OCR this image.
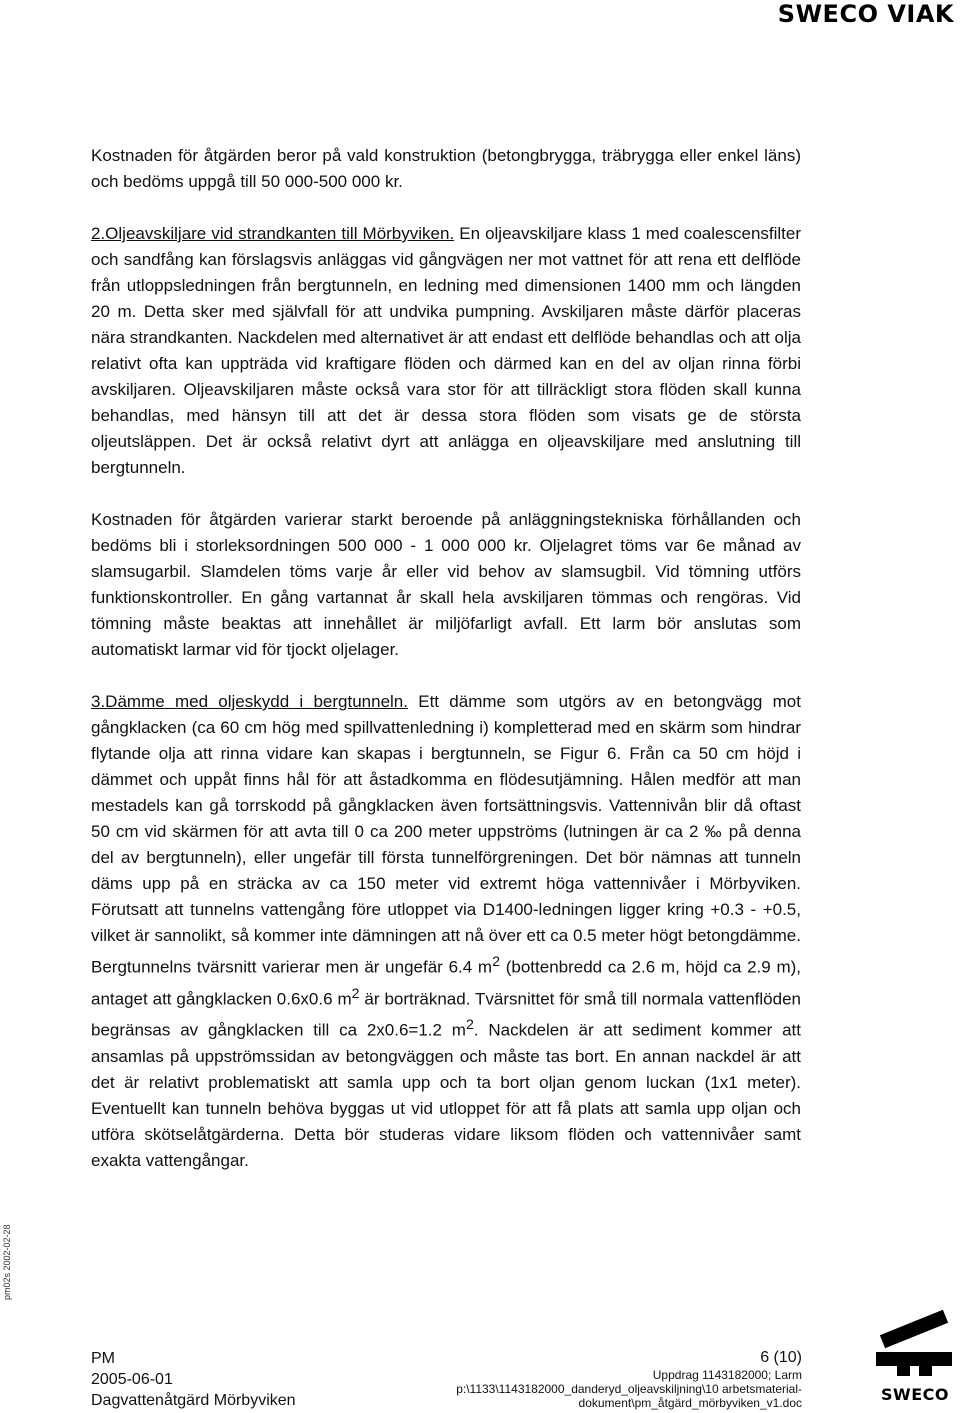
SWECO VIAK

Kostnaden för åtgärden beror på vald konstruktion (betongbrygga, träbrygga eller enkel läns) och bedöms uppgå till 50 000-500 000 kr.

2.Oljeavskiljare vid strandkanten till Mörbyviken. En oljeavskiljare klass 1 med coalescensfilter och sandfång kan förslagsvis anläggas vid gångvägen ner mot vattnet för att rena ett delflöde från utloppsledningen från bergtunneln, en ledning med dimensionen 1400 mm och längden 20 m. Detta sker med självfall för att undvika pumpning. Avskiljaren måste därför placeras nära strandkanten. Nackdelen med alternativet är att endast ett delflöde behandlas och att olja relativt ofta kan uppträda vid kraftigare flöden och därmed kan en del av oljan rinna förbi avskiljaren. Oljeavskiljaren måste också vara stor för att tillräckligt stora flöden skall kunna behandlas, med hänsyn till att det är dessa stora flöden som visats ge de största oljeutsläppen. Det är också relativt dyrt att anlägga en oljeavskiljare med anslutning till bergtunneln.

Kostnaden för åtgärden varierar starkt beroende på anläggningstekniska förhållanden och bedöms bli i storleksordningen 500 000 - 1 000 000 kr. Oljelagret töms var 6e månad av slamsugarbil. Slamdelen töms varje år eller vid behov av slamsugbil. Vid tömning utförs funktionskontroller. En gång vartannat år skall hela avskiljaren tömmas och rengöras. Vid tömning måste beaktas att innehållet är miljöfarligt avfall. Ett larm bör anslutas som automatiskt larmar vid för tjockt oljelager.

3.Dämme med oljeskydd i bergtunneln. Ett dämme som utgörs av en betongvägg mot gångklacken (ca 60 cm hög med spillvattenledning i) kompletterad med en skärm som hindrar flytande olja att rinna vidare kan skapas i bergtunneln, se Figur 6. Från ca 50 cm höjd i dämmet och uppåt finns hål för att åstadkomma en flödesutjämning. Hålen medför att man mestadels kan gå torrskodd på gångklacken även fortsättningsvis. Vattennivån blir då oftast 50 cm vid skärmen för att avta till 0 ca 200 meter uppströms (lutningen är ca 2 ‰ på denna del av bergtunneln), eller ungefär till första tunnelförgreningen. Det bör nämnas att tunneln däms upp på en sträcka av ca 150 meter vid extremt höga vattennivåer i Mörbyviken. Förutsatt att tunnelns vattengång före utloppet via D1400-ledningen ligger kring +0.3 - +0.5, vilket är sannolikt, så kommer inte dämningen att nå över ett ca 0.5 meter högt betongdämme. Bergtunnelns tvärsnitt varierar men är ungefär 6.4 $m^2$ (bottenbredd ca 2.6 m, höjd ca 2.9 m), antaget att gångklacken 0.6x0.6 $m^2$ är borträknad. Tvärsnittet för små till normala vattenflöden begränsas av gångklacken till ca 2x0.6=1.2 $m^2$. Nackdelen är att sediment kommer att ansamlas på uppströmssidan av betongväggen och måste tas bort. En annan nackdel är att det är relativt problematiskt att samla upp och ta bort oljan genom luckan (1x1 meter). Eventuellt kan tunneln behöva byggas ut vid utloppet för att få plats att samla upp oljan och utföra skötselåtgärderna. Detta bör studeras vidare liksom flöden och vattennivåer samt exakta vattengångar.

pm02s 2002-02-28
PM
2005-06-01
Dagvattenåtgärd Mörbyviken
6 (10)
Uppdrag 1143182000; Larm
p:\1133\1143182000_danderyd_oljeavskiljning\10 arbetsmaterial-
dokument\pm_åtgärd_mörbyviken_v1.doc	SWECO
